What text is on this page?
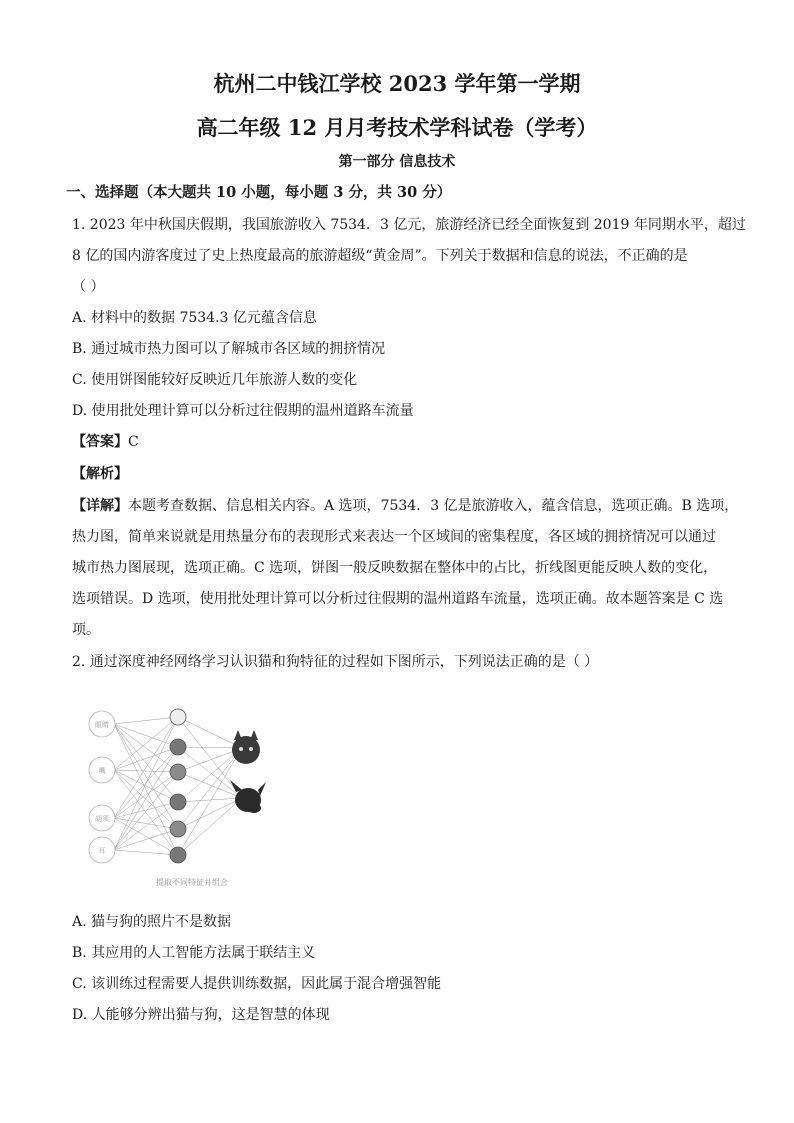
杭州二中钱江学校 2023 学年第一学期
高二年级 12 月月考技术学科试卷（学考）
第一部分 信息技术
一、选择题（本大题共 10 小题，每小题 3 分，共 30 分）
1. 2023 年中秋国庆假期，我国旅游收入 7534．3 亿元，旅游经济已经全面恢复到 2019 年同期水平，超过
8 亿的国内游客度过了史上热度最高的旅游超级“黄金周”。下列关于数据和信息的说法，不正确的是
（ ）
A. 材料中的数据 7534.3 亿元蕴含信息
B. 通过城市热力图可以了解城市各区域的拥挤情况
C. 使用饼图能较好反映近几年旅游人数的变化
D. 使用批处理计算可以分析过往假期的温州道路车流量
【答案】C
【解析】
【详解】本题考查数据、信息相关内容。A 选项，7534．3 亿是旅游收入，蕴含信息，选项正确。B 选项，
热力图，简单来说就是用热量分布的表现形式来表达一个区域间的密集程度，各区域的拥挤情况可以通过
城市热力图展现，选项正确。C 选项，饼图一般反映数据在整体中的占比，折线图更能反映人数的变化，
选项错误。D 选项，使用批处理计算可以分析过往假期的温州道路车流量，选项正确。故本题答案是 C 选
项。
2. 通过深度神经网络学习认识猫和狗特征的过程如下图所示，下列说法正确的是（ ）
眼睛
嘴
胡须
耳
提取不同特征并组合
A. 猫与狗的照片不是数据
B. 其应用的人工智能方法属于联结主义
C. 该训练过程需要人提供训练数据，因此属于混合增强智能
D. 人能够分辨出猫与狗，这是智慧的体现
